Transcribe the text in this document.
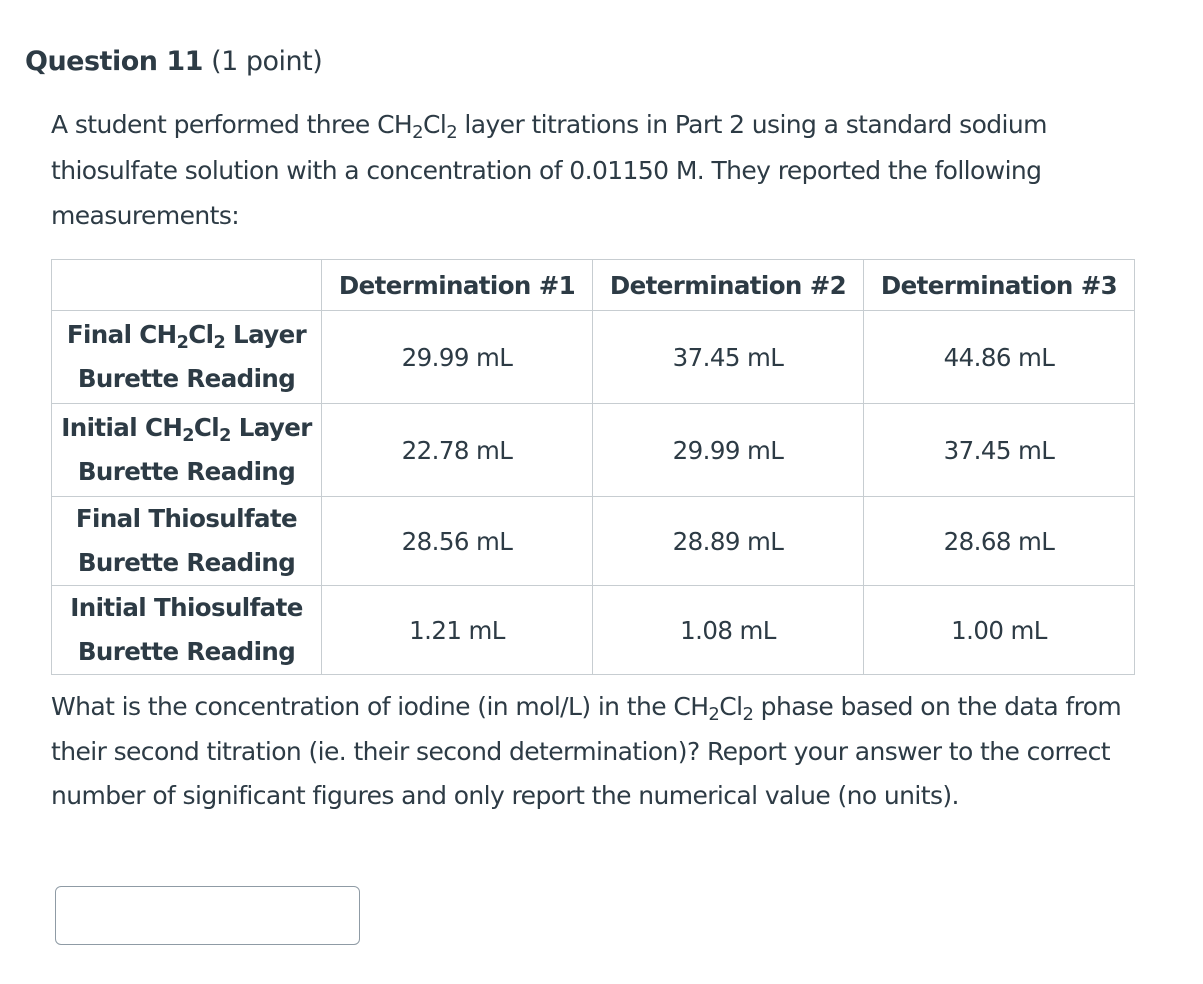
Question 11 (1 point)

A student performed three $CH_2Cl_2$ layer titrations in Part 2 using a standard sodium thiosulfate solution with a concentration of 0.01150 M. They reported the following measurements:

	Determination #1	Determination #2	Determination #3
Final $CH_2Cl_2$ Layer
Burette Reading	29.99 mL	37.45 mL	44.86 mL
Initial $CH_2Cl_2$ Layer
Burette Reading	22.78 mL	29.99 mL	37.45 mL
Final Thiosulfate
Burette Reading	28.56 mL	28.89 mL	28.68 mL
Initial Thiosulfate
Burette Reading	1.21 mL	1.08 mL	1.00 mL

What is the concentration of iodine (in mol/L) in the $CH_2Cl_2$ phase based on the data from their second titration (ie. their second determination)? Report your answer to the correct number of significant figures and only report the numerical value (no units).
